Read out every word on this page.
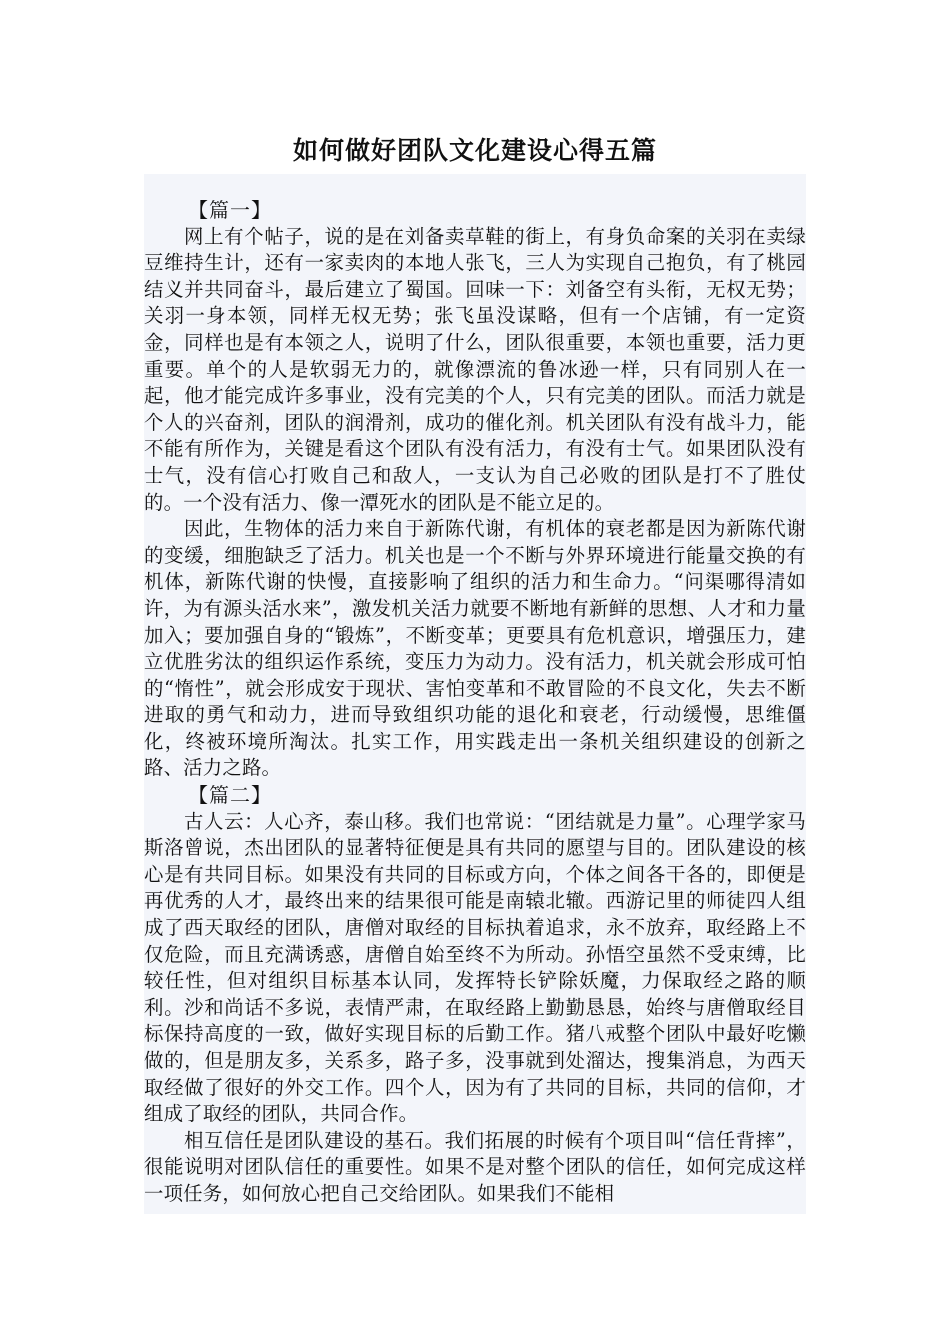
如何做好团队文化建设心得五篇

【篇一】

网上有个帖子，说的是在刘备卖草鞋的街上，有身负命案的关羽在卖绿豆维持生计，还有一家卖肉的本地人张飞，三人为实现自己抱负，有了桃园结义并共同奋斗，最后建立了蜀国。回味一下：刘备空有头衔，无权无势；关羽一身本领，同样无权无势；张飞虽没谋略，但有一个店铺，有一定资金，同样也是有本领之人，说明了什么，团队很重要，本领也重要，活力更重要。单个的人是软弱无力的，就像漂流的鲁冰逊一样，只有同别人在一起，他才能完成许多事业，没有完美的个人，只有完美的团队。而活力就是个人的兴奋剂，团队的润滑剂，成功的催化剂。机关团队有没有战斗力，能不能有所作为，关键是看这个团队有没有活力，有没有士气。如果团队没有士气，没有信心打败自己和敌人，一支认为自己必败的团队是打不了胜仗的。一个没有活力、像一潭死水的团队是不能立足的。

因此，生物体的活力来自于新陈代谢，有机体的衰老都是因为新陈代谢的变缓，细胞缺乏了活力。机关也是一个不断与外界环境进行能量交换的有机体，新陈代谢的快慢，直接影响了组织的活力和生命力。“问渠哪得清如许，为有源头活水来”，激发机关活力就要不断地有新鲜的思想、人才和力量加入；要加强自身的“锻炼”，不断变革；更要具有危机意识，增强压力，建立优胜劣汰的组织运作系统，变压力为动力。没有活力，机关就会形成可怕的“惰性”，就会形成安于现状、害怕变革和不敢冒险的不良文化，失去不断进取的勇气和动力，进而导致组织功能的退化和衰老，行动缓慢，思维僵化，终被环境所淘汰。扎实工作，用实践走出一条机关组织建设的创新之路、活力之路。

【篇二】

古人云：人心齐，泰山移。我们也常说：“团结就是力量”。心理学家马斯洛曾说，杰出团队的显著特征便是具有共同的愿望与目的。团队建设的核心是有共同目标。如果没有共同的目标或方向，个体之间各干各的，即便是再优秀的人才，最终出来的结果很可能是南辕北辙。西游记里的师徒四人组成了西天取经的团队，唐僧对取经的目标执着追求，永不放弃，取经路上不仅危险，而且充满诱惑，唐僧自始至终不为所动。孙悟空虽然不受束缚，比较任性，但对组织目标基本认同，发挥特长铲除妖魔，力保取经之路的顺利。沙和尚话不多说，表情严肃，在取经路上勤勤恳恳，始终与唐僧取经目标保持高度的一致，做好实现目标的后勤工作。猪八戒整个团队中最好吃懒做的，但是朋友多，关系多，路子多，没事就到处溜达，搜集消息，为西天取经做了很好的外交工作。四个人，因为有了共同的目标，共同的信仰，才组成了取经的团队，共同合作。

相互信任是团队建设的基石。我们拓展的时候有个项目叫“信任背摔”，很能说明对团队信任的重要性。如果不是对整个团队的信任，如何完成这样一项任务，如何放心把自己交给团队。如果我们不能相
